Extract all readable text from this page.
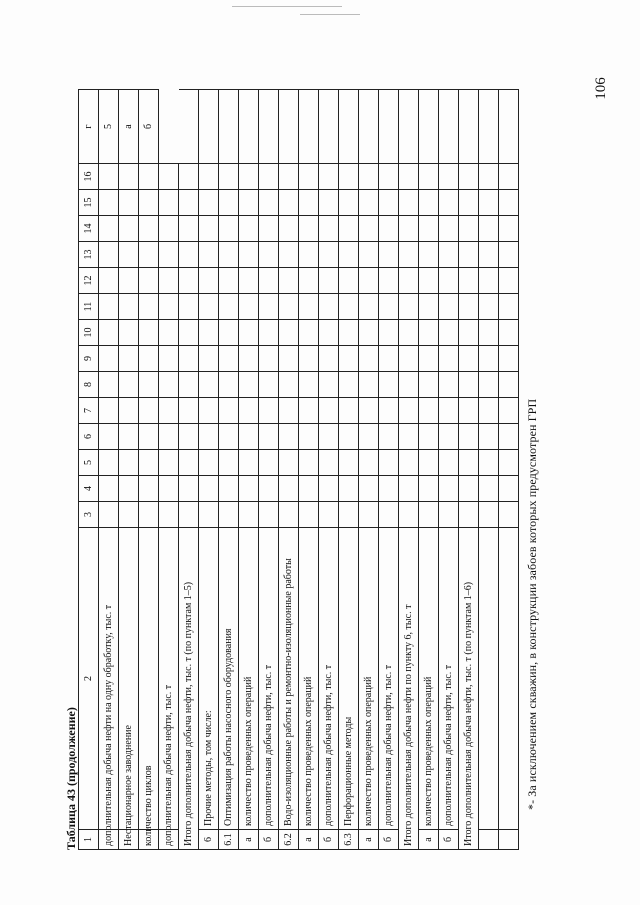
106
Таблица 43 (продолжение) 1
2
3
4
5
6
7
8
9
10
11
12
13
14
15
16
г
дополнительная добыча нефти на одну обработку, тыс. т
5
Нестационарное заводнение
а
количество циклов
б
дополнительная добыча нефти, тыс. т Итого дополнительная добыча нефти, тыс. т (по пунктам 1–5) 6
Прочие методы, том числе:
6.1
Оптимизация работы насосного оборудования
а
количество проведенных операций
б
дополнительная добыча нефти, тыс. т
6.2
Водо-изоляционные работы и ремонтно-изоляционные работы
а
количество проведенных операций
б
дополнительная добыча нефти, тыс. т
6.3
Перфорационные методы
а
количество проведенных операций
б
дополнительная добыча нефти, тыс. т Итого дополнительная добыча нефти по пункту 6, тыс. т а
количество проведенных операций
б
дополнительная добыча нефти, тыс. т Итого дополнительная добыча нефти, тыс. т (по пунктам 1–6)	*- За исключением скважин, в конструкции забоев которых предусмотрен ГРП
